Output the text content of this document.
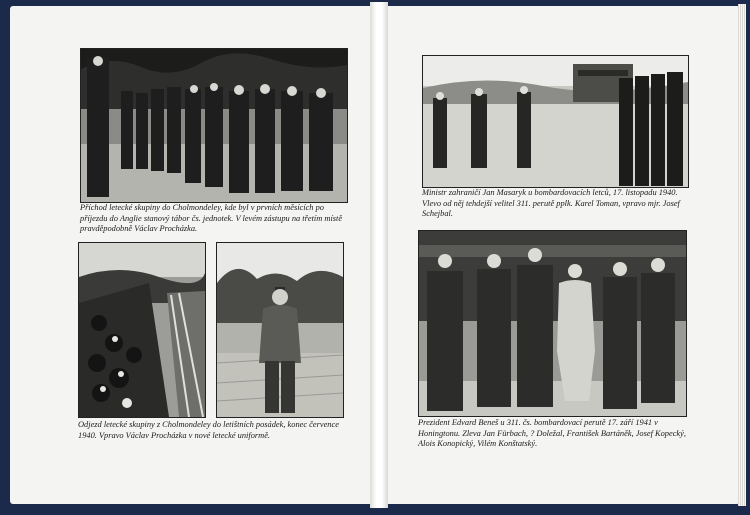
Příchod letecké skupiny do Cholmondeley, kde byl v prvních měsících po příjezdu do Anglie stanový tábor čs. jednotek. V levém zástupu na třetím místě pravděpodobně Václav Procházka.

Odjezd letecké skupiny z Cholmondeley do letištních posádek, konec července 1940. Vpravo Václav Procházka v nové letecké uniformě.

Ministr zahraničí Jan Masaryk u bombardovacích letců, 17. listopadu 1940. Vlevo od něj tehdejší velitel 311. perutě pplk. Karel Toman, vpravo mjr. Josef Schejbal.

Prezident Edvard Beneš u 311. čs. bombardovací perutě 17. září 1941 v Honingtonu. Zleva Jan Fürbach, ? Doležal, František Bartáněk, Josef Kopecký, Alois Konopický, Vilém Konštatský.
